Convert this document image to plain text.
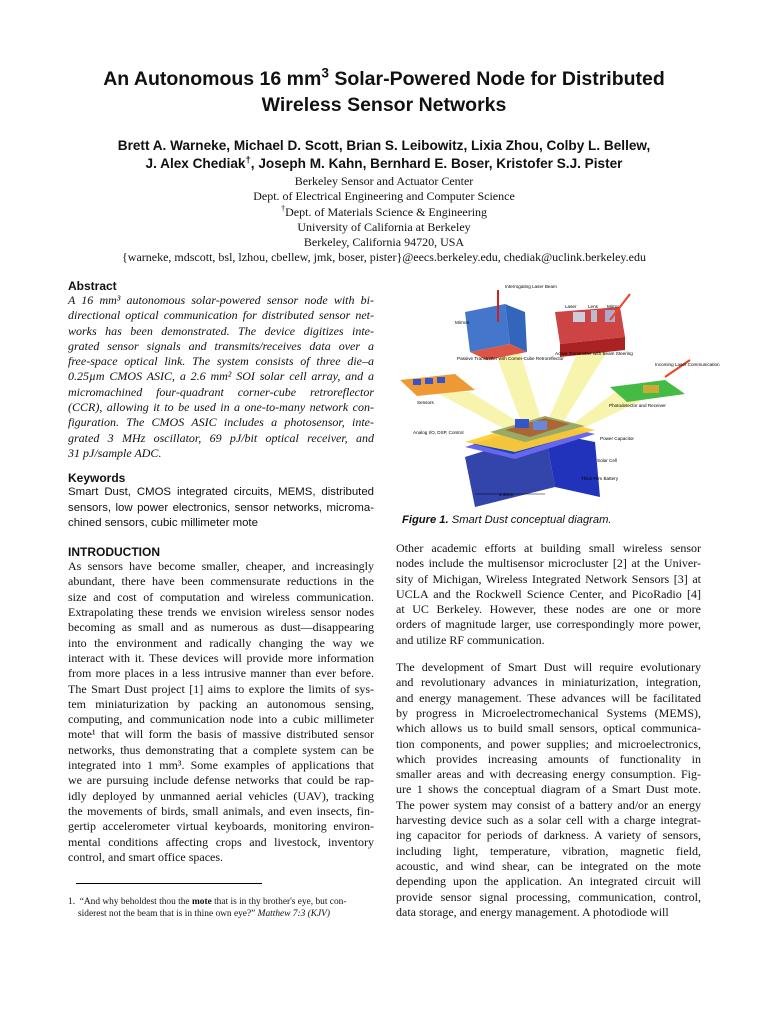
An Autonomous 16 $mm^3$ Solar-Powered Node for Distributed
Wireless Sensor Networks
Brett A. Warneke, Michael D. Scott, Brian S. Leibowitz, Lixia Zhou, Colby L. Bellew,
J. Alex Chediak†, Joseph M. Kahn, Bernhard E. Boser, Kristofer S.J. Pister
Berkeley Sensor and Actuator Center
Dept. of Electrical Engineering and Computer Science
†Dept. of Materials Science & Engineering
University of California at Berkeley
Berkeley, California 94720, USA
{warneke, mdscott, bsl, lzhou, cbellew, jmk, boser, pister}@eecs.berkeley.edu, chediak@uclink.berkeley.edu
Abstract
A 16 mm³ autonomous solar-powered sensor node with bi-
directional optical communication for distributed sensor net-
works has been demonstrated. The device digitizes inte-
grated sensor signals and transmits/receives data over a
free-space optical link. The system consists of three die–a
0.25µm CMOS ASIC, a 2.6 mm² SOI solar cell array, and a
micromachined four-quadrant corner-cube retroreflector
(CCR), allowing it to be used in a one-to-many network con-
figuration. The CMOS ASIC includes a photosensor, inte-
grated 3 MHz oscillator, 69 pJ/bit optical receiver, and
31 pJ/sample ADC.
Keywords
Smart Dust, CMOS integrated circuits, MEMS, distributed
sensors, low power electronics, sensor networks, microma-
chined sensors, cubic millimeter mote
INTRODUCTION
As sensors have become smaller, cheaper, and increasingly
abundant, there have been commensurate reductions in the
size and cost of computation and wireless communication.
Extrapolating these trends we envision wireless sensor nodes
becoming as small and as numerous as dust—disappearing
into the environment and radically changing the way we
interact with it. These devices will provide more information
from more places in a less intrusive manner than ever before.
The Smart Dust project [1] aims to explore the limits of sys-
tem miniaturization by packing an autonomous sensing,
computing, and communication node into a cubic millimeter
mote¹ that will form the basis of massive distributed sensor
networks, thus demonstrating that a complete system can be
integrated into 1 mm³. Some examples of applications that
we are pursuing include defense networks that could be rap-
idly deployed by unmanned aerial vehicles (UAV), tracking
the movements of birds, small animals, and even insects, fin-
gertip accelerometer virtual keyboards, monitoring environ-
mental conditions affecting crops and livestock, inventory
control, and smart office spaces.
Interrogating Laser Beam
Mirrors
Laser	Lens Mirror
Passive Transmitter with Corner-Cube Retroreflector
Active Transmitter with Beam Steering
Incoming Laser Communication
Sensors
Photodetector and Receiver
Analog I/O, DSP, Control
Power Capacitor
Solar Cell
Thick-Film Battery
1-2mm
Figure 1. Smart Dust conceptual diagram.
Other academic efforts at building small wireless sensor
nodes include the multisensor microcluster [2] at the Univer-
sity of Michigan, Wireless Integrated Network Sensors [3] at
UCLA and the Rockwell Science Center, and PicoRadio [4]
at UC Berkeley. However, these nodes are one or more
orders of magnitude larger, use correspondingly more power,
and utilize RF communication.
The development of Smart Dust will require evolutionary
and revolutionary advances in miniaturization, integration,
and energy management. These advances will be facilitated
by progress in Microelectromechanical Systems (MEMS),
which allows us to build small sensors, optical communica-
tion components, and power supplies; and microelectronics,
which provides increasing amounts of functionality in
smaller areas and with decreasing energy consumption. Fig-
ure 1 shows the conceptual diagram of a Smart Dust mote.
The power system may consist of a battery and/or an energy
harvesting device such as a solar cell with a charge integrat-
ing capacitor for periods of darkness. A variety of sensors,
including light, temperature, vibration, magnetic field,
acoustic, and wind shear, can be integrated on the mote
depending upon the application. An integrated circuit will
provide sensor signal processing, communication, control,
data storage, and energy management. A photodiode will
1. “And why beholdest thou the mote that is in thy brother's eye, but con-
siderest not the beam that is in thine own eye?” Matthew 7:3 (KJV)
